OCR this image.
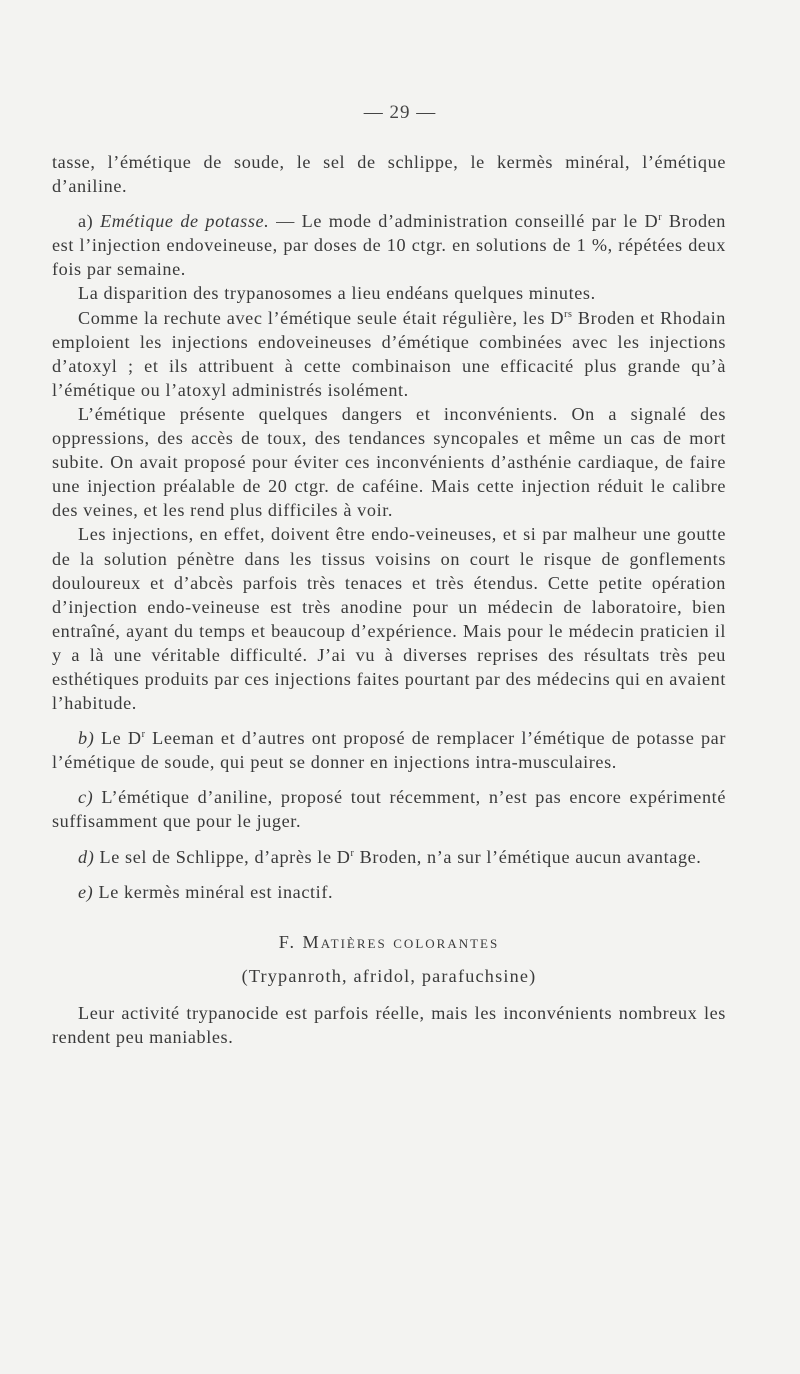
— 29 —

tasse, l’émétique de soude, le sel de schlippe, le kermès minéral, l’émétique d’aniline.

a) Emétique de potasse. — Le mode d’administration conseillé par le $D^r$ Broden est l’injection endoveineuse, par doses de 10 ctgr. en solutions de 1 %, répétées deux fois par semaine.

La disparition des trypanosomes a lieu endéans quelques minutes.

Comme la rechute avec l’émétique seule était régulière, les $D^{rs}$ Broden et Rhodain emploient les injections endoveineuses d’émétique combinées avec les injections d’atoxyl ; et ils attribuent à cette combinaison une efficacité plus grande qu’à l’émétique ou l’atoxyl administrés isolément.

L’émétique présente quelques dangers et inconvénients. On a signalé des oppressions, des accès de toux, des tendances syncopales et même un cas de mort subite. On avait proposé pour éviter ces inconvénients d’asthénie cardiaque, de faire une injection préalable de 20 ctgr. de caféine. Mais cette injection réduit le calibre des veines, et les rend plus difficiles à voir.

Les injections, en effet, doivent être endo-veineuses, et si par malheur une goutte de la solution pénètre dans les tissus voisins on court le risque de gonflements douloureux et d’abcès parfois très tenaces et très étendus. Cette petite opération d’injection endo-veineuse est très anodine pour un médecin de laboratoire, bien entraîné, ayant du temps et beaucoup d’expérience. Mais pour le médecin praticien il y a là une véritable difficulté. J’ai vu à diverses reprises des résultats très peu esthétiques produits par ces injections faites pourtant par des médecins qui en avaient l’habitude.

b) Le $D^r$ Leeman et d’autres ont proposé de remplacer l’émétique de potasse par l’émétique de soude, qui peut se donner en injections intra-musculaires.

c) L’émétique d’aniline, proposé tout récemment, n’est pas encore expérimenté suffisamment que pour le juger.

d) Le sel de Schlippe, d’après le $D^r$ Broden, n’a sur l’émétique aucun avantage.

e) Le kermès minéral est inactif.

F. Matières colorantes

(Trypanroth, afridol, parafuchsine)

Leur activité trypanocide est parfois réelle, mais les inconvénients nombreux les rendent peu maniables.
